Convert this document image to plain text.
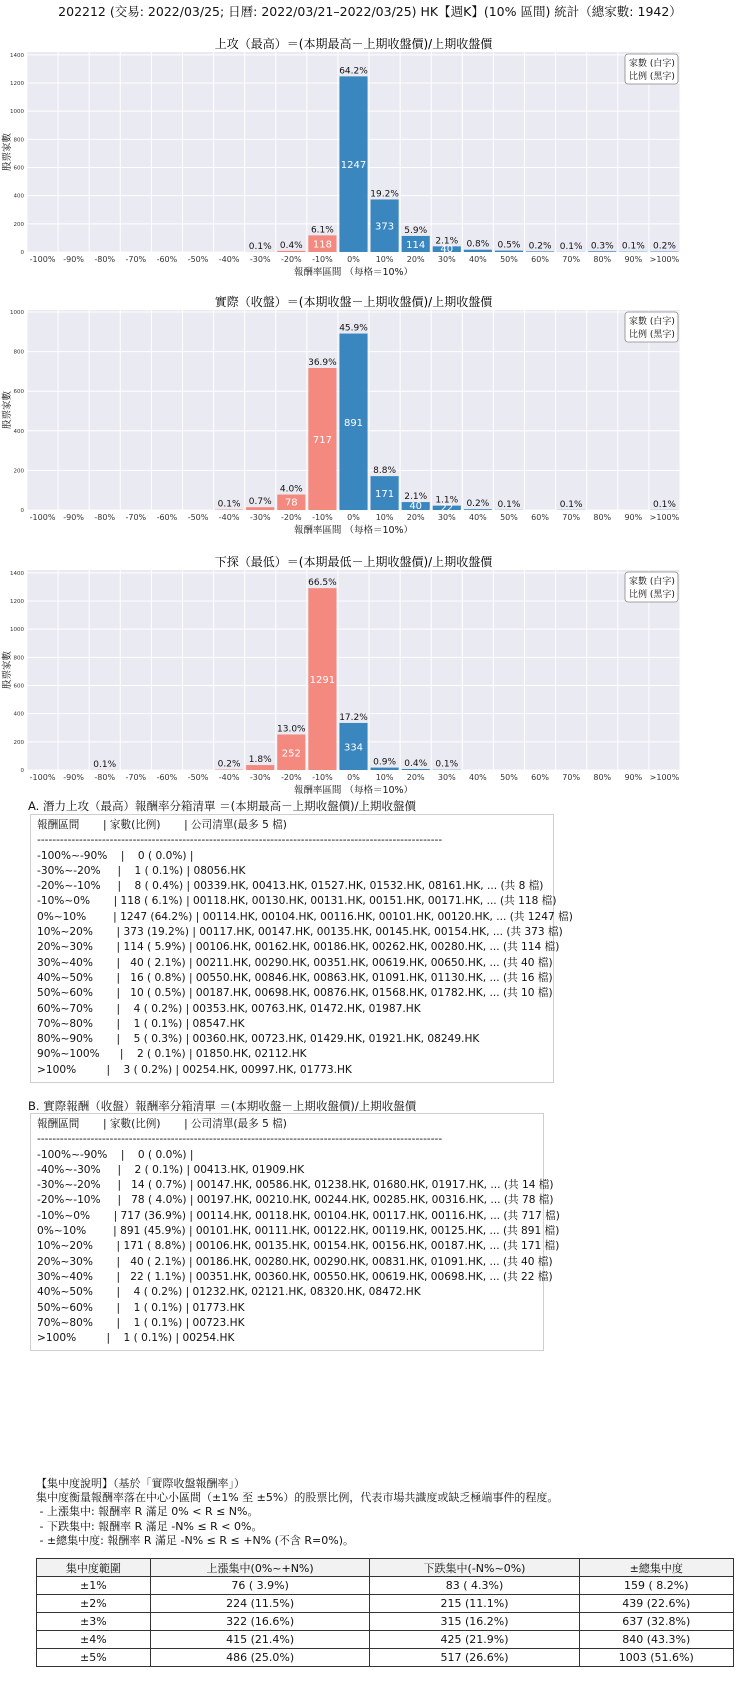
202212 (交易: 2022/03/25; 日曆: 2022/03/21–2022/03/25) HK【週K】(10% 區間) 統計（總家數: 1942）
上攻（最高）＝(本期最高－上期收盤價)/上期收盤價
0
200
400
600
800
1000
1200
1400
-100% -90% -80% -70% -60% -50% -40%
0.1%
-30%
0.4%
-20%
6.1%
118
-10%
64.2%
1247
0%
19.2%
373
10%
5.9%
114
20%
2.1%
40
30%
0.8%
40%
0.5%
50%
0.2%
60%
0.1%
70%
0.3%
80%
0.1%
90%
0.2%
>100%
報酬率區間 （每格＝10%）
股票家數
家數 (白字)
比例 (黑字)
實際（收盤）＝(本期收盤－上期收盤價)/上期收盤價
0
200
400
600
800
1000
-100% -90% -80% -70% -60% -50%
0.1%
-40%
0.7%
-30%
4.0%
78
-20%
36.9%
717
-10%
45.9%
891
0%
8.8%
171
10%
2.1%
40
20%
1.1%
22
30%
0.2%
40%
0.1%
50% 60%
0.1%
70% 80% 90%
0.1%
>100%
報酬率區間 （每格＝10%）
股票家數
家數 (白字)
比例 (黑字)
下探（最低）＝(本期最低－上期收盤價)/上期收盤價
0
200
400
600
800
1000
1200
1400
-100% -90%
0.1%
-80% -70% -60% -50%
0.2%
-40%
1.8%
-30%
13.0%
252
-20%
66.5%
1291
-10%
17.2%
334
0%
0.9%
10%
0.4%
20%
0.1%
30% 40% 50% 60% 70% 80% 90% >100%
報酬率區間 （每格＝10%）
股票家數
家數 (白字)
比例 (黑字)
A. 潛力上攻（最高）報酬率分箱清單 ＝(本期最高－上期收盤價)/上期收盤價
報酬區間       | 家數(比例)       | 公司清單(最多 5 檔)
----------------------------------------------------------------------------------------------------------
-100%~-90%    |    0 ( 0.0%) |
-30%~-20%     |    1 ( 0.1%) | 08056.HK
-20%~-10%     |    8 ( 0.4%) | 00339.HK, 00413.HK, 01527.HK, 01532.HK, 08161.HK, ... (共 8 檔)
-10%~0%       | 118 ( 6.1%) | 00118.HK, 00130.HK, 00131.HK, 00151.HK, 00171.HK, ... (共 118 檔)
0%~10%        | 1247 (64.2%) | 00114.HK, 00104.HK, 00116.HK, 00101.HK, 00120.HK, ... (共 1247 檔)
10%~20%       | 373 (19.2%) | 00117.HK, 00147.HK, 00135.HK, 00145.HK, 00154.HK, ... (共 373 檔)
20%~30%       | 114 ( 5.9%) | 00106.HK, 00162.HK, 00186.HK, 00262.HK, 00280.HK, ... (共 114 檔)
30%~40%       |   40 ( 2.1%) | 00211.HK, 00290.HK, 00351.HK, 00619.HK, 00650.HK, ... (共 40 檔)
40%~50%       |   16 ( 0.8%) | 00550.HK, 00846.HK, 00863.HK, 01091.HK, 01130.HK, ... (共 16 檔)
50%~60%       |   10 ( 0.5%) | 00187.HK, 00698.HK, 00876.HK, 01568.HK, 01782.HK, ... (共 10 檔)
60%~70%       |    4 ( 0.2%) | 00353.HK, 00763.HK, 01472.HK, 01987.HK
70%~80%       |    1 ( 0.1%) | 08547.HK
80%~90%       |    5 ( 0.3%) | 00360.HK, 00723.HK, 01429.HK, 01921.HK, 08249.HK
90%~100%      |    2 ( 0.1%) | 01850.HK, 02112.HK
>100%         |    3 ( 0.2%) | 00254.HK, 00997.HK, 01773.HK
B. 實際報酬（收盤）報酬率分箱清單 ＝(本期收盤－上期收盤價)/上期收盤價
報酬區間       | 家數(比例)       | 公司清單(最多 5 檔)
----------------------------------------------------------------------------------------------------------
-100%~-90%    |    0 ( 0.0%) |
-40%~-30%     |    2 ( 0.1%) | 00413.HK, 01909.HK
-30%~-20%     |   14 ( 0.7%) | 00147.HK, 00586.HK, 01238.HK, 01680.HK, 01917.HK, ... (共 14 檔)
-20%~-10%     |   78 ( 4.0%) | 00197.HK, 00210.HK, 00244.HK, 00285.HK, 00316.HK, ... (共 78 檔)
-10%~0%       | 717 (36.9%) | 00114.HK, 00118.HK, 00104.HK, 00117.HK, 00116.HK, ... (共 717 檔)
0%~10%        | 891 (45.9%) | 00101.HK, 00111.HK, 00122.HK, 00119.HK, 00125.HK, ... (共 891 檔)
10%~20%       | 171 ( 8.8%) | 00106.HK, 00135.HK, 00154.HK, 00156.HK, 00187.HK, ... (共 171 檔)
20%~30%       |   40 ( 2.1%) | 00186.HK, 00280.HK, 00290.HK, 00831.HK, 01091.HK, ... (共 40 檔)
30%~40%       |   22 ( 1.1%) | 00351.HK, 00360.HK, 00550.HK, 00619.HK, 00698.HK, ... (共 22 檔)
40%~50%       |    4 ( 0.2%) | 01232.HK, 02121.HK, 08320.HK, 08472.HK
50%~60%       |    1 ( 0.1%) | 01773.HK
70%~80%       |    1 ( 0.1%) | 00723.HK
>100%         |    1 ( 0.1%) | 00254.HK
【集中度說明】（基於「實際收盤報酬率」）
集中度衡量報酬率落在中心小區間（±1% 至 ±5%）的股票比例，代表市場共識度或缺乏極端事件的程度。
- 上漲集中: 報酬率 R 滿足 0% < R ≤ N%。
- 下跌集中: 報酬率 R 滿足 -N% ≤ R < 0%。
- ±總集中度: 報酬率 R 滿足 -N% ≤ R ≤ +N% (不含 R=0%)。
集中度範圍	上漲集中(0%~+N%)	下跌集中(-N%~0%)	±總集中度
±1%	76 ( 3.9%)	83 ( 4.3%)	159 ( 8.2%)
±2%	224 (11.5%)	215 (11.1%)	439 (22.6%)
±3%	322 (16.6%)	315 (16.2%)	637 (32.8%)
±4%	415 (21.4%)	425 (21.9%)	840 (43.3%)
±5%	486 (25.0%)	517 (26.6%)	1003 (51.6%)
